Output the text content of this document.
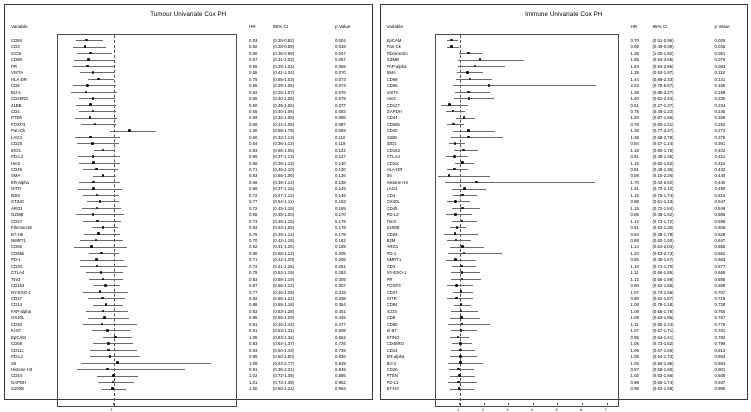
Tumour Univariate Cox PH
Variable	HR	95% CI	p Value
CD84	0.53	(0.35-0.82)	0.004
CD3	0.50	(0.28-0.89)	0.018
ICOS	0.60	(0.36-0.99)	0.047
CD80	0.57	(0.31-1.02)	0.057
PR	0.55	(0.29-1.04)	0.065
VISTA	0.65	(0.41-1.04)	0.070
HLA-DR	0.75	(0.55-1.03)	0.073
CD8	0.55	(0.29-1.06)	0.074
Bcl-2	0.52	(0.25-1.07)	0.076
CD45RO	0.65	(0.40-1.05)	0.079
41BB	0.60	(0.35-1.06)	0.077
CD4	0.65	(0.40-1.06)	0.083
PTEN	0.59	(0.32-1.08)	0.086
FOXP3	0.68	(0.44-1.06)	0.087
Pan-Ck	1.30	(0.96-1.78)	0.094
LAG3	0.60	(0.32-1.13)	0.110
CD25	0.64	(0.36-1.12)	0.119
IDO1	0.83	(0.66-1.05)	0.122
PD-L2	0.65	(0.37-1.13)	0.127
Her2	0.66	(0.39-1.13)	0.130
CD45	0.71	(0.46-1.10)	0.130
SMA	0.83	(0.65-1.06)	0.136
ER-alpha	0.66	(0.39-1.14)	0.138
GITR	0.66	(0.37-1.16)	0.145
B2M	0.72	(0.47-1.12)	0.146
STING	0.77	(0.54-1.11)	0.163
ARG1	0.72	(0.45-1.15)	0.165
GZMB	0.65	(0.35-1.20)	0.170
CD27	0.73	(0.46-1.15)	0.178
Fibronectin	0.83	(0.63-1.09)	0.178
B7-H6	0.75	(0.49-1.14)	0.178
NMRT1	0.70	(0.42-1.18)	0.182
CD66	0.62	(0.31-1.26)	0.189
CD66b	0.80	(0.58-1.12)	0.205
PD-1	0.71	(0.42-1.20)	0.205
CD20	0.72	(0.41-1.26)	0.251
CTLA4	0.79	(0.52-1.19)	0.263
Tim3	0.83	(0.58-1.19)	0.305
CD163	0.87	(0.66-1.14)	0.307
NY-ESO-1	0.77	(0.46-1.28)	0.319
CD27	0.82	(0.55-1.22)	0.338
CD14	0.88	(0.65-1.18)	0.354
FAP-alpha	0.83	(0.53-1.28)	0.401
OX40L	0.85	(0.56-1.29)	0.445
CD40	0.81	(0.46-1.44)	0.477
Ki-67	0.91	(0.63-1.31)	0.608
EpCAM	1.05	(0.83-1.34)	0.662
CD68	0.93	(0.64-1.37)	0.726
CD11c	0.93	(0.60-1.43)	0.739
PD-L1	0.95	(0.60-1.50)	0.836
S6	1.09	(0.43-2.77)	0.849
Histone H3	0.91	(0.36-2.31)	0.849
CD44	1.02	(0.72-1.45)	0.895
GAPDH	1.01	(0.73-1.38)	0.962
S100B	1.00	(0.80-1.24)	0.984
1
Immune Univariate Cox PH
Variable	HR	95% CI	p Value
EpCAM	0.70	(0.51-0.96)	0.029
Pan-Ck	0.69	(0.49-0.99)	0.045
Fibronectin	1.38	(1.00-1.92)	0.051
GZMB	1.85	(0.94-3.65)	0.076
FAP-alpha	1.64	(0.94-2.86)	0.083
SMA	1.35	(0.93-1.97)	0.118
CD68	1.44	(0.89-2.33)	0.141
CD66	2.22	(0.75-6.57)	0.150
VISTA	1.39	(0.85-2.27)	0.188
Her2	1.40	(0.81-2.43)	0.230
CD127	0.61	(0.27-1.37)	0.234
GAPDH	0.75	(0.46-1.22)	0.246
CD44	1.20	(0.87-1.66)	0.258
CD66b	0.78	(0.50-1.21)	0.262
CD40	1.38	(0.77-2.47)	0.274
41BB	1.38	(0.68-2.78)	0.375
IDO1	0.84	(0.57-1.24)	0.391
CD163	1.18	(0.80-1.75)	0.402
CTLA4	0.81	(0.48-1.36)	0.421
CD11c	1.15	(0.82-1.62)	0.424
HLA-DR	0.81	(0.49-1.36)	0.432
S6	0.59	(0.15-2.26)	0.440
Histone H3	1.70	(0.44-6.52)	0.440
LAG3	1.21	(0.70-2.10)	0.490
CD4	1.15	(0.76-1.74)	0.515
OX40L	0.85	(0.51-1.43)	0.547
CD45	1.15	(0.72-1.84)	0.549
PD-L2	0.85	(0.48-1.52)	0.586
Tim3	1.12	(0.73-1.72)	0.599
S100B	0.91	(0.63-1.30)	0.606
CD25	0.83	(0.38-1.78)	0.628
B2M	0.88	(0.52-1.50)	0.647
ARG1	1.14	(0.64-2.03)	0.655
PD-1	1.20	(0.53-2.73)	0.662
NMRT1	0.86	(0.45-1.67)	0.663
CD3	1.10	(0.71-1.70)	0.677
NY-ESO-1	1.11	(0.66-1.86)	0.685
PR	1.12	(0.66-1.89)	0.685
FOXP3	0.90	(0.52-1.55)	0.699
CD27	1.07	(0.74-1.56)	0.707
GITR	0.90	(0.52-1.57)	0.719
CD84	1.08	(0.78-1.48)	0.728
ICOS	1.08	(0.66-1.76)	0.760
CD8	1.09	(0.63-1.86)	0.767
CD80	1.11	(0.55-2.24)	0.776
Ki-67	1.07	(0.67-1.71)	0.781
STING	0.95	(0.64-1.41)	0.782
CD45RO	1.05	(0.73-1.52)	0.798
CD14	1.06	(0.67-1.66)	0.813
ER-alpha	1.05	(0.64-1.73)	0.854
Bcl-2	1.05	(0.56-1.96)	0.884
CD20	0.97	(0.59-1.60)	0.901
PTEN	1.02	(0.63-1.66)	0.935
PD-L1	0.98	(0.55-1.74)	0.937
B7-H3	0.99	(0.62-1.59)	0.980
1	2	3	4	5	6	7
